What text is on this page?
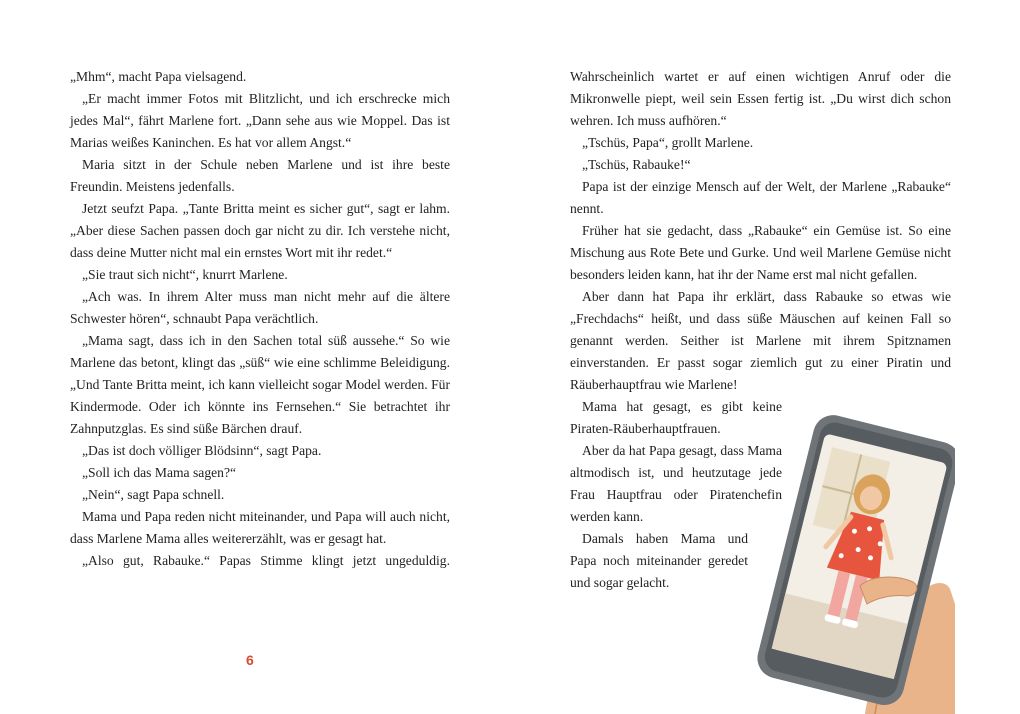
„Mhm“, macht Papa vielsagend.

„Er macht immer Fotos mit Blitzlicht, und ich erschrecke mich jedes Mal“, fährt Marlene fort. „Dann sehe aus wie Moppel. Das ist Marias weißes Kaninchen. Es hat vor allem Angst.“

Maria sitzt in der Schule neben Marlene und ist ihre beste Freundin. Meistens jedenfalls.

Jetzt seufzt Papa. „Tante Britta meint es sicher gut“, sagt er lahm. „Aber diese Sachen passen doch gar nicht zu dir. Ich verstehe nicht, dass deine Mutter nicht mal ein ernstes Wort mit ihr redet.“

„Sie traut sich nicht“, knurrt Marlene.

„Ach was. In ihrem Alter muss man nicht mehr auf die ältere Schwester hören“, schnaubt Papa verächtlich.

„Mama sagt, dass ich in den Sachen total süß aussehe.“ So wie Marlene das betont, klingt das „süß“ wie eine schlimme Beleidigung. „Und Tante Britta meint, ich kann vielleicht sogar Model werden. Für Kindermode. Oder ich könnte ins Fernsehen.“ Sie betrachtet ihr Zahnputzglas. Es sind süße Bärchen drauf.

„Das ist doch völliger Blödsinn“, sagt Papa.

„Soll ich das Mama sagen?“

„Nein“, sagt Papa schnell.

Mama und Papa reden nicht miteinander, und Papa will auch nicht, dass Marlene Mama alles weitererzählt, was er gesagt hat.

„Also gut, Rabauke.“ Papas Stimme klingt jetzt ungeduldig.

6

Wahrscheinlich wartet er auf einen wichtigen Anruf oder die Mikronwelle piept, weil sein Essen fertig ist. „Du wirst dich schon wehren. Ich muss aufhören.“

„Tschüs, Papa“, grollt Marlene.

„Tschüs, Rabauke!“

Papa ist der einzige Mensch auf der Welt, der Marlene „Rabauke“ nennt.

Früher hat sie gedacht, dass „Rabauke“ ein Gemüse ist. So eine Mischung aus Rote Bete und Gurke. Und weil Marlene Gemüse nicht besonders leiden kann, hat ihr der Name erst mal nicht gefallen.

Aber dann hat Papa ihr erklärt, dass Rabauke so etwas wie „Frechdachs“ heißt, und dass süße Mäuschen auf keinen Fall so genannt werden. Seither ist Marlene mit ihrem Spitznamen einverstanden. Er passt sogar ziemlich gut zu einer Piratin und Räuberhauptfrau wie Marlene!

Mama hat gesagt, es gibt keine Piraten-Räuberhauptfrauen.

Aber da hat Papa gesagt, dass Mama altmodisch ist, und heutzutage jede Frau Hauptfrau oder Piratenchefin werden kann.

Damals haben Mama und Papa noch miteinander geredet und sogar gelacht.
